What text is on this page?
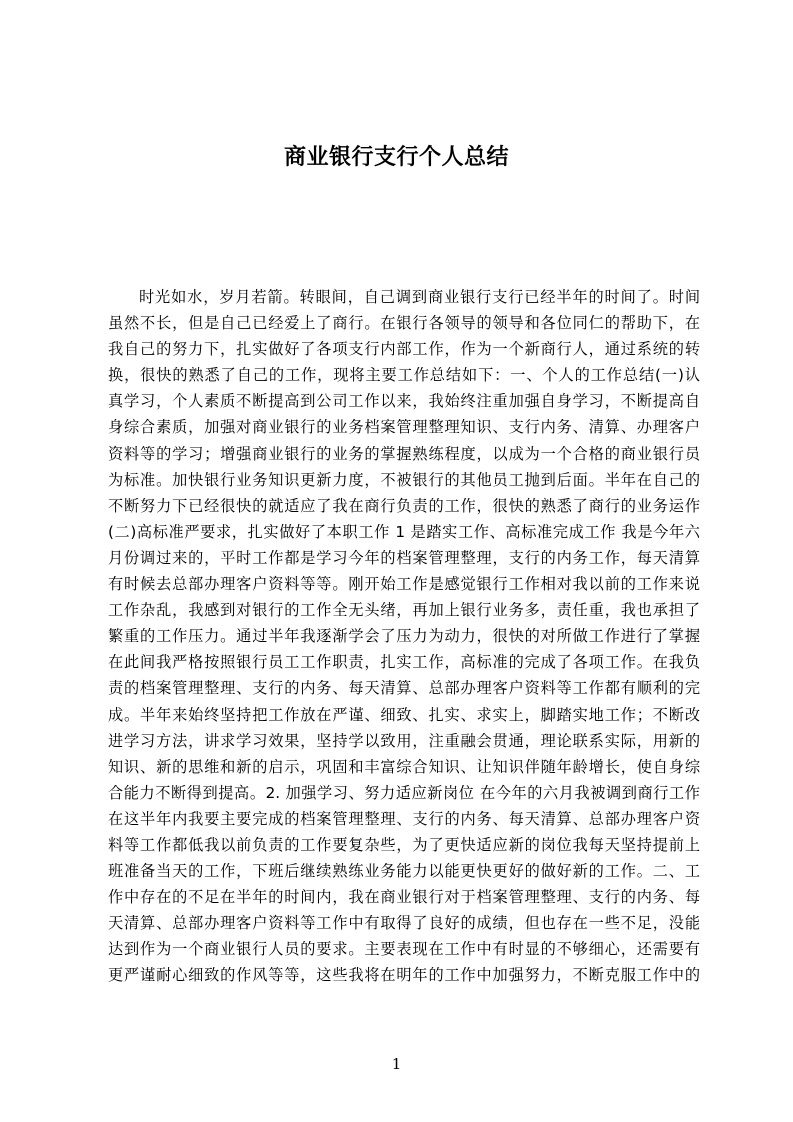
商业银行支行个人总结
时光如水，岁月若箭。转眼间，自己调到商业银行支行已经半年的时间了。时间
虽然不长，但是自己已经爱上了商行。在银行各领导的领导和各位同仁的帮助下，在
我自己的努力下，扎实做好了各项支行内部工作，作为一个新商行人，通过系统的转
换，很快的熟悉了自己的工作，现将主要工作总结如下：一、个人的工作总结(一)认
真学习，个人素质不断提高到公司工作以来，我始终注重加强自身学习，不断提高自
身综合素质，加强对商业银行的业务档案管理整理知识、支行内务、清算、办理客户
资料等的学习；增强商业银行的业务的掌握熟练程度，以成为一个合格的商业银行员
为标准。加快银行业务知识更新力度，不被银行的其他员工抛到后面。半年在自己的
不断努力下已经很快的就适应了我在商行负责的工作，很快的熟悉了商行的业务运作
(二)高标准严要求，扎实做好了本职工作 1 是踏实工作、高标准完成工作 我是今年六
月份调过来的，平时工作都是学习今年的档案管理整理，支行的内务工作，每天清算
有时候去总部办理客户资料等等。刚开始工作是感觉银行工作相对我以前的工作来说
工作杂乱，我感到对银行的工作全无头绪，再加上银行业务多，责任重，我也承担了
繁重的工作压力。通过半年我逐渐学会了压力为动力，很快的对所做工作进行了掌握
在此间我严格按照银行员工工作职责，扎实工作，高标准的完成了各项工作。在我负
责的档案管理整理、支行的内务、每天清算、总部办理客户资料等工作都有顺利的完
成。半年来始终坚持把工作放在严谨、细致、扎实、求实上，脚踏实地工作；不断改
进学习方法，讲求学习效果，坚持学以致用，注重融会贯通，理论联系实际，用新的
知识、新的思维和新的启示，巩固和丰富综合知识、让知识伴随年龄增长，使自身综
合能力不断得到提高。2. 加强学习、努力适应新岗位 在今年的六月我被调到商行工作
在这半年内我要主要完成的档案管理整理、支行的内务、每天清算、总部办理客户资
料等工作都低我以前负责的工作要复杂些，为了更快适应新的岗位我每天坚持提前上
班准备当天的工作，下班后继续熟练业务能力以能更快更好的做好新的工作。二、工
作中存在的不足在半年的时间内，我在商业银行对于档案管理整理、支行的内务、每
天清算、总部办理客户资料等工作中有取得了良好的成绩，但也存在一些不足，没能
达到作为一个商业银行人员的要求。主要表现在工作中有时显的不够细心，还需要有
更严谨耐心细致的作风等等，这些我将在明年的工作中加强努力，不断克服工作中的
1
